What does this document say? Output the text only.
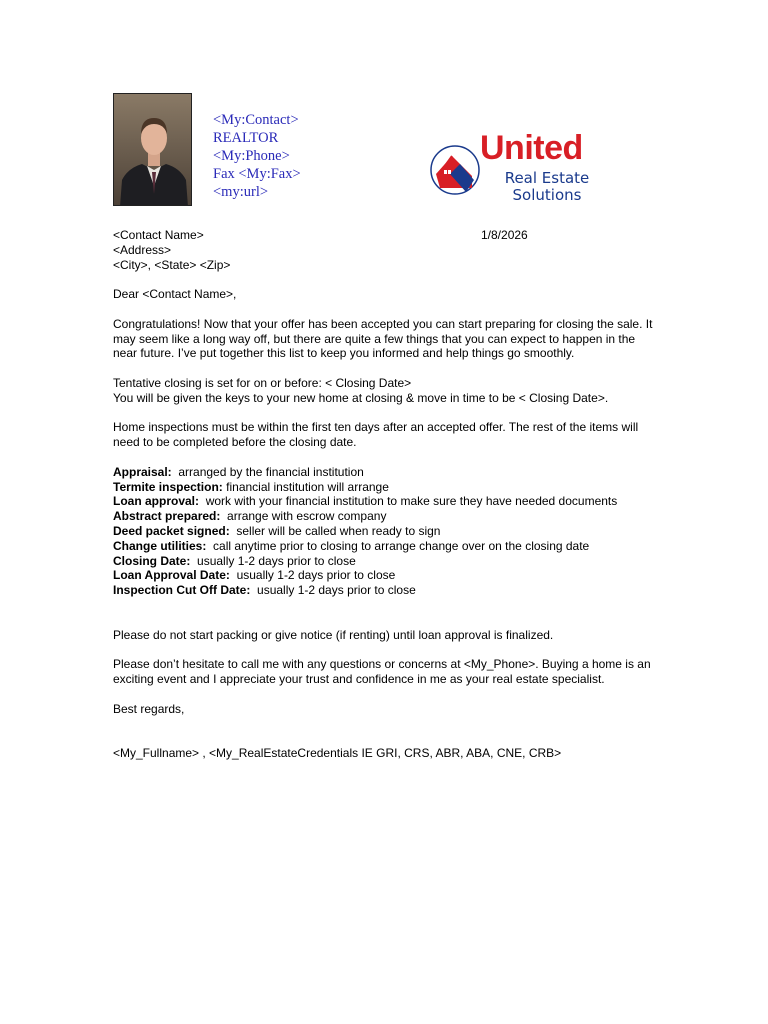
<My:Contact>
REALTOR
<My:Phone>
Fax <My:Fax>
<my:url>
United
Real Estate
Solutions
1/8/2026

<Contact Name>

<Address>

<City>, <State> <Zip>

Dear <Contact Name>,

Congratulations! Now that your offer has been accepted you can start preparing for closing the sale. It may seem like a long way off, but there are quite a few things that you can expect to happen in the near future. I’ve put together this list to keep you informed and help things go smoothly.

Tentative closing is set for on or before: < Closing Date>

You will be given the keys to your new home at closing & move in time to be < Closing Date>.

Home inspections must be within the first ten days after an accepted offer. The rest of the items will need to be completed before the closing date.

Appraisal: arranged by the financial institution

Termite inspection: financial institution will arrange

Loan approval: work with your financial institution to make sure they have needed documents

Abstract prepared: arrange with escrow company

Deed packet signed: seller will be called when ready to sign

Change utilities: call anytime prior to closing to arrange change over on the closing date

Closing Date: usually 1-2 days prior to close

Loan Approval Date: usually 1-2 days prior to close

Inspection Cut Off Date: usually 1-2 days prior to close

Please do not start packing or give notice (if renting) until loan approval is finalized.

Please don’t hesitate to call me with any questions or concerns at <My_Phone>. Buying a home is an exciting event and I appreciate your trust and confidence in me as your real estate specialist.

Best regards,

<My_Fullname> , <My_RealEstateCredentials IE GRI, CRS, ABR, ABA, CNE, CRB>
